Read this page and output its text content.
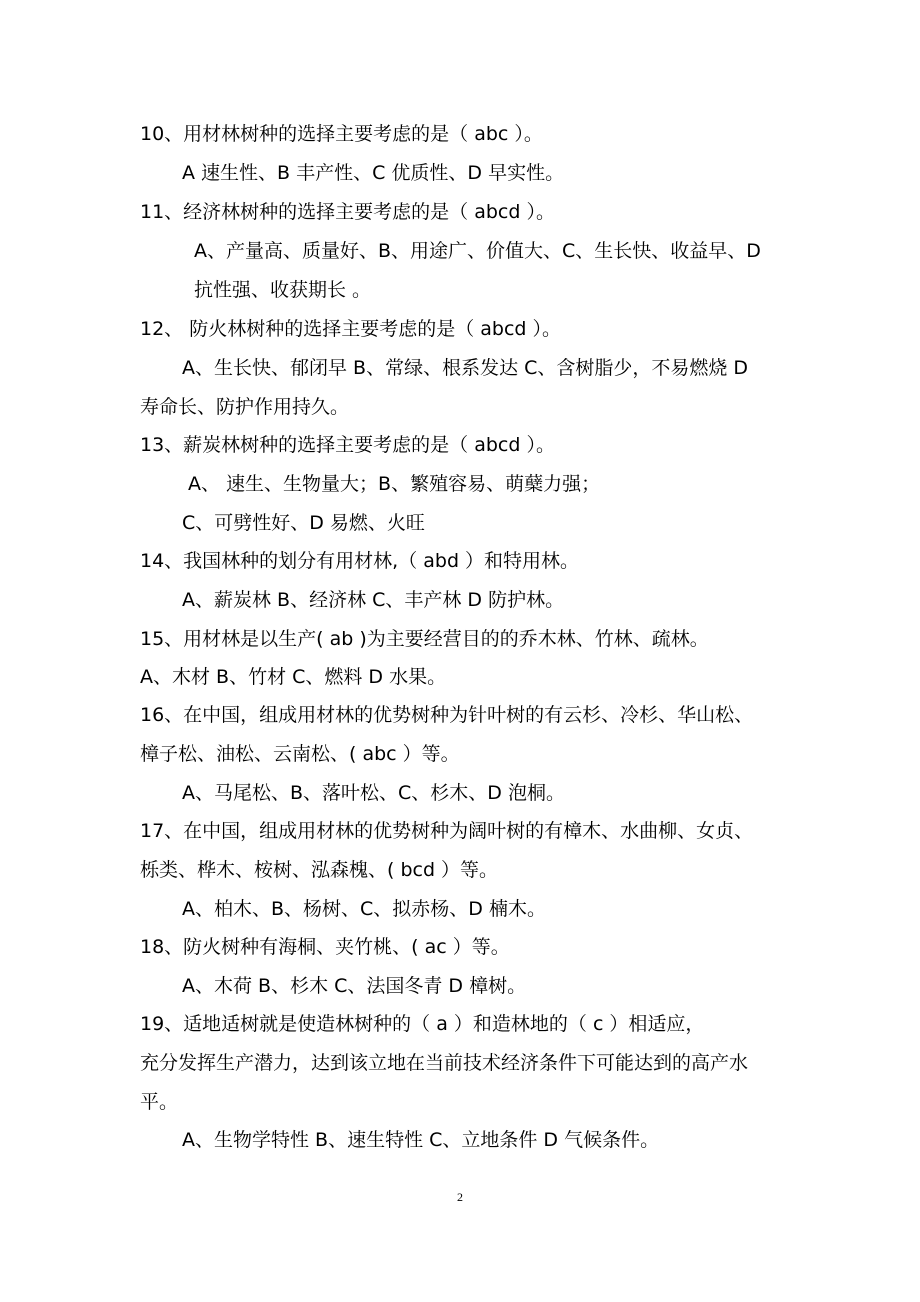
10、用材林树种的选择主要考虑的是（ abc ）。
A 速生性、B 丰产性、C 优质性、D 早实性。
11、经济林树种的选择主要考虑的是（ abcd ）。
A、产量高、质量好、B、用途广、价值大、C、生长快、收益早、D
抗性强、收获期长 。
12、 防火林树种的选择主要考虑的是（ abcd ）。
A、生长快、郁闭早 B、常绿、根系发达 C、含树脂少，不易燃烧 D
寿命长、防护作用持久。
13、薪炭林树种的选择主要考虑的是（ abcd ）。
A、 速生、生物量大；B、繁殖容易、萌蘖力强；
C、可劈性好、D 易燃、火旺
14、我国林种的划分有用材林,（ abd ）和特用林。
A、薪炭林 B、经济林 C、丰产林 D 防护林。
15、用材林是以生产( ab )为主要经营目的的乔木林、竹林、疏林。
A、木材 B、竹材 C、燃料 D 水果。
16、在中国，组成用材林的优势树种为针叶树的有云杉、冷杉、华山松、
樟子松、油松、云南松、( abc ）等。
A、马尾松、B、落叶松、C、杉木、D 泡桐。
17、在中国，组成用材林的优势树种为阔叶树的有樟木、水曲柳、女贞、
栎类、桦木、桉树、泓森槐、( bcd ）等。
A、柏木、B、杨树、C、拟赤杨、D 楠木。
18、防火树种有海桐、夹竹桃、( ac ）等。
A、木荷 B、杉木 C、法国冬青 D 樟树。
19、适地适树就是使造林树种的（ a ）和造林地的（ c ）相适应，
充分发挥生产潜力，达到该立地在当前技术经济条件下可能达到的高产水
平。
A、生物学特性 B、速生特性 C、立地条件 D 气候条件。
2
